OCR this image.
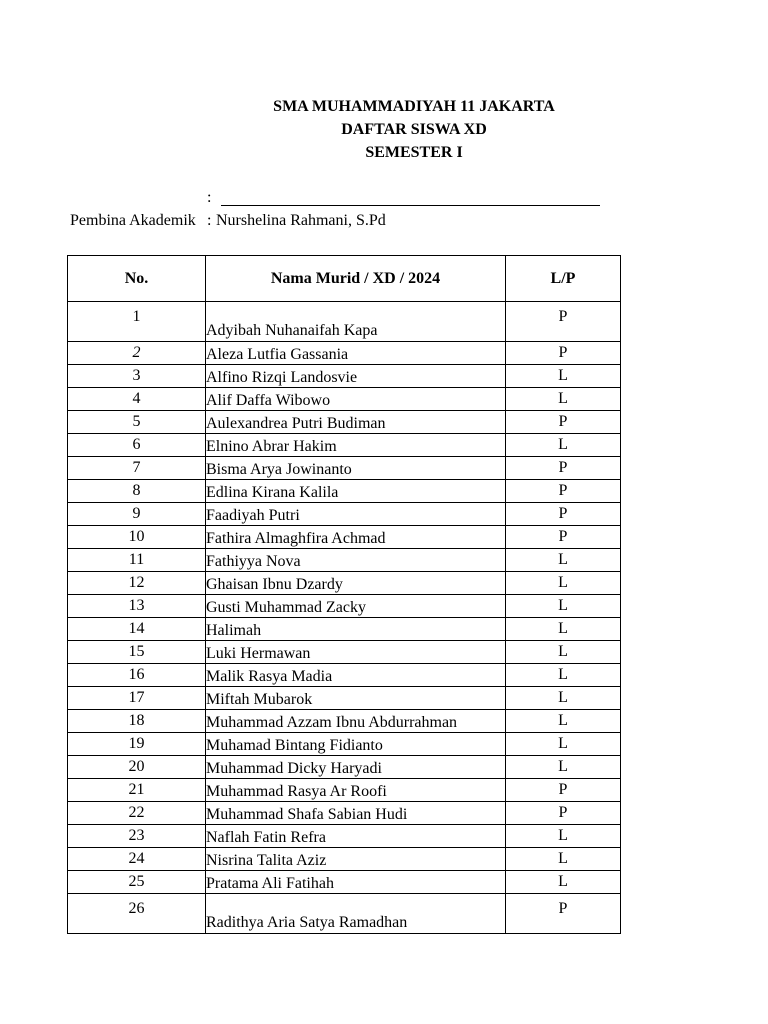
SMA MUHAMMADIYAH 11 JAKARTA
DAFTAR SISWA XD
SEMESTER I
:
Pembina Akademik : Nurshelina Rahmani, S.Pd
No.	Nama Murid / XD / 2024	L/P
1	Adyibah Nuhanaifah Kapa	P
2	Aleza Lutfia Gassania	P
3	Alfino Rizqi Landosvie	L
4	Alif Daffa Wibowo	L
5	Aulexandrea Putri Budiman	P
6	Elnino Abrar Hakim	L
7	Bisma Arya Jowinanto	P
8	Edlina Kirana Kalila	P
9	Faadiyah Putri	P
10	Fathira Almaghfira Achmad	P
11	Fathiyya Nova	L
12	Ghaisan Ibnu Dzardy	L
13	Gusti Muhammad Zacky	L
14	Halimah	L
15	Luki Hermawan	L
16	Malik Rasya Madia	L
17	Miftah Mubarok	L
18	Muhammad Azzam Ibnu Abdurrahman	L
19	Muhamad Bintang Fidianto	L
20	Muhammad Dicky Haryadi	L
21	Muhammad Rasya Ar Roofi	P
22	Muhammad Shafa Sabian Hudi	P
23	Naflah Fatin Refra	L
24	Nisrina Talita Aziz	L
25	Pratama Ali Fatihah	L
26	Radithya Aria Satya Ramadhan	P
